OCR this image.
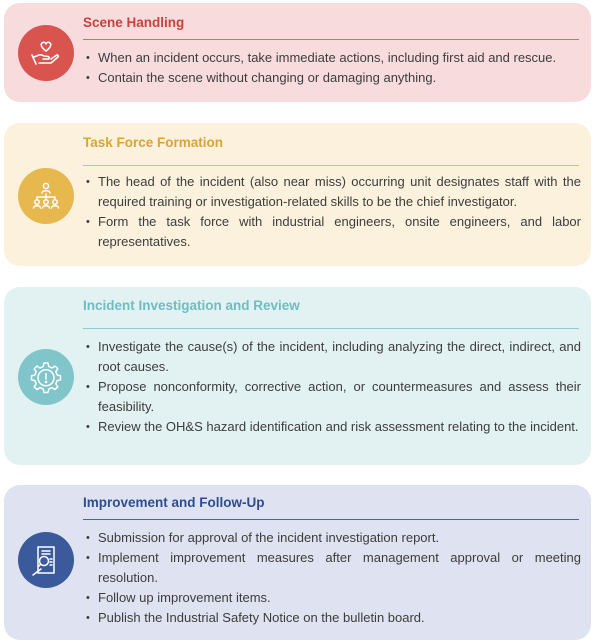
Scene Handling
• When an incident occurs, take immediate actions, including first aid and rescue.
• Contain the scene without changing or damaging anything.
Task Force Formation
• The head of the incident (also near miss) occurring unit designates staff with the required training or investigation-related skills to be the chief investigator.
• Form the task force with industrial engineers, onsite engineers, and labor representatives.
Incident Investigation and Review
• Investigate the cause(s) of the incident, including analyzing the direct, indirect, and root causes.
• Propose nonconformity, corrective action, or countermeasures and assess their feasibility.
• Review the OH&S hazard identification and risk assessment relating to the incident.
Improvement and Follow-Up
• Submission for approval of the incident investigation report.
• Implement improvement measures after management approval or meeting resolution.
• Follow up improvement items.
• Publish the Industrial Safety Notice on the bulletin board.
